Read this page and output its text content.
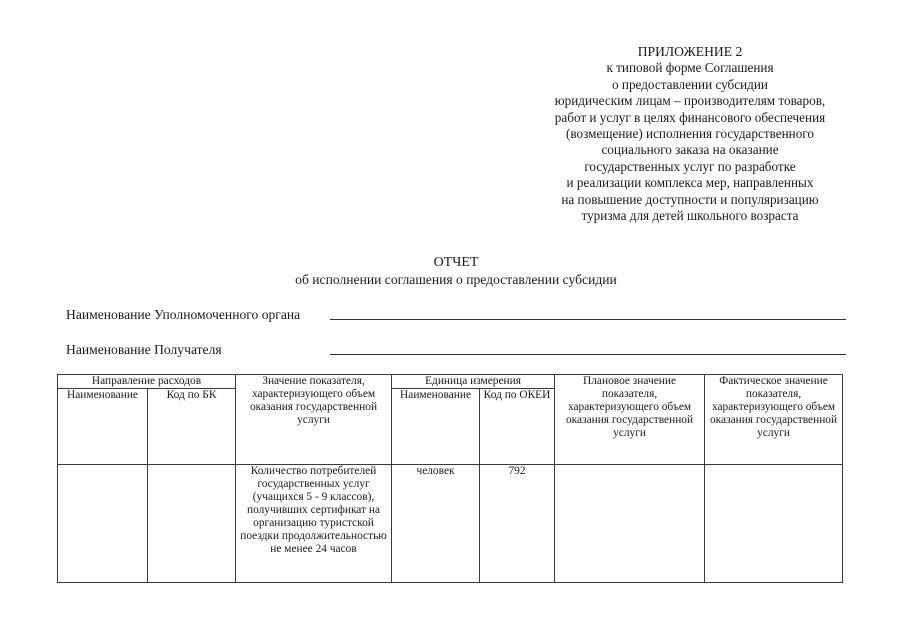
ПРИЛОЖЕНИЕ 2
к типовой форме Соглашения
о предоставлении субсидии
юридическим лицам – производителям товаров,
работ и услуг в целях финансового обеспечения
(возмещение) исполнения государственного
социального заказа на оказание
государственных услуг по разработке
и реализации комплекса мер, направленных
на повышение доступности и популяризацию
туризма для детей школьного возраста
ОТЧЕТ
об исполнении соглашения о предоставлении субсидии
Наименование Уполномоченного органа
Наименование Получателя
Направление расходов		Значение показателя, характеризующего объем оказания государственной услуги	Единица измерения		Плановое значение показателя, характеризующего объем оказания государственной услуги	Фактическое значение показателя, характеризующего объем оказания государственной услуги
Наименование	Код по БК		Наименование	Код по ОКЕИ		
		Количество потребителей государственных услуг (учащихся 5 - 9 классов), получивших сертификат на организацию туристской поездки продолжительностью не менее 24 часов	человек	792		
